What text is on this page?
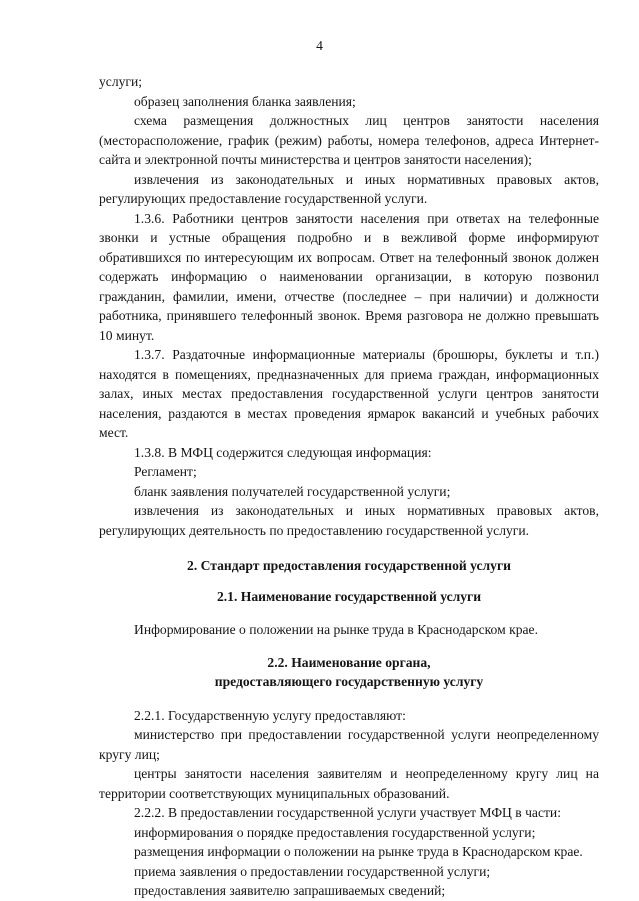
4

услуги;

образец заполнения бланка заявления;

схема размещения должностных лиц центров занятости населения (месторасположение, график (режим) работы, номера телефонов, адреса Интернет-сайта и электронной почты министерства и центров занятости населения);

извлечения из законодательных и иных нормативных правовых актов, регулирующих предоставление государственной услуги.

1.3.6. Работники центров занятости населения при ответах на телефонные звонки и устные обращения подробно и в вежливой форме информируют обратившихся по интересующим их вопросам. Ответ на телефонный звонок должен содержать информацию о наименовании организации, в которую позвонил гражданин, фамилии, имени, отчестве (последнее – при наличии) и должности работника, принявшего телефонный звонок. Время разговора не должно превышать 10 минут.

1.3.7. Раздаточные информационные материалы (брошюры, буклеты и т.п.) находятся в помещениях, предназначенных для приема граждан, информационных залах, иных местах предоставления государственной услуги центров занятости населения, раздаются в местах проведения ярмарок вакансий и учебных рабочих мест.

1.3.8. В МФЦ содержится следующая информация:

Регламент;

бланк заявления получателей государственной услуги;

извлечения из законодательных и иных нормативных правовых актов, регулирующих деятельность по предоставлению государственной услуги.

2. Стандарт предоставления государственной услуги

2.1. Наименование государственной услуги

Информирование о положении на рынке труда в Краснодарском крае.

2.2. Наименование органа,

предоставляющего государственную услугу

2.2.1. Государственную услугу предоставляют:

министерство при предоставлении государственной услуги неопределенному кругу лиц;

центры занятости населения заявителям и неопределенному кругу лиц на территории соответствующих муниципальных образований.

2.2.2. В предоставлении государственной услуги участвует МФЦ в части:

информирования о порядке предоставления государственной услуги;

размещения информации о положении на рынке труда в Краснодарском крае.

приема заявления о предоставлении государственной услуги;

предоставления заявителю запрашиваемых сведений;
